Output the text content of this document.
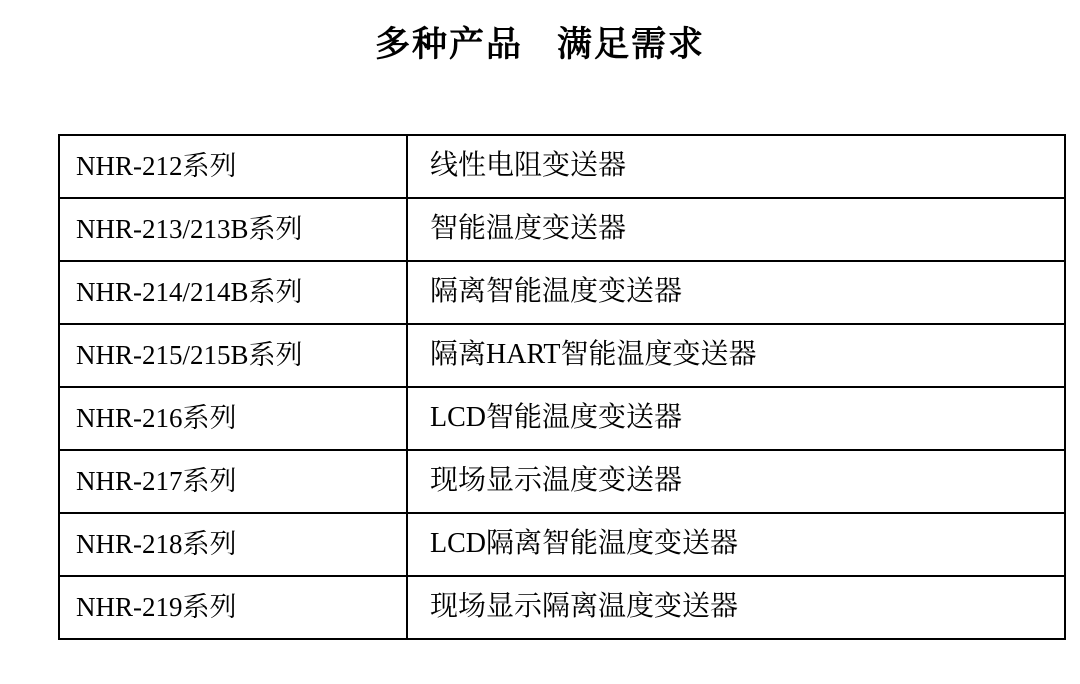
多种产品 满足需求
NHR-212系列	线性电阻变送器
NHR-213/213B系列	智能温度变送器
NHR-214/214B系列	隔离智能温度变送器
NHR-215/215B系列	隔离HART智能温度变送器
NHR-216系列	LCD智能温度变送器
NHR-217系列	现场显示温度变送器
NHR-218系列	LCD隔离智能温度变送器
NHR-219系列	现场显示隔离温度变送器
